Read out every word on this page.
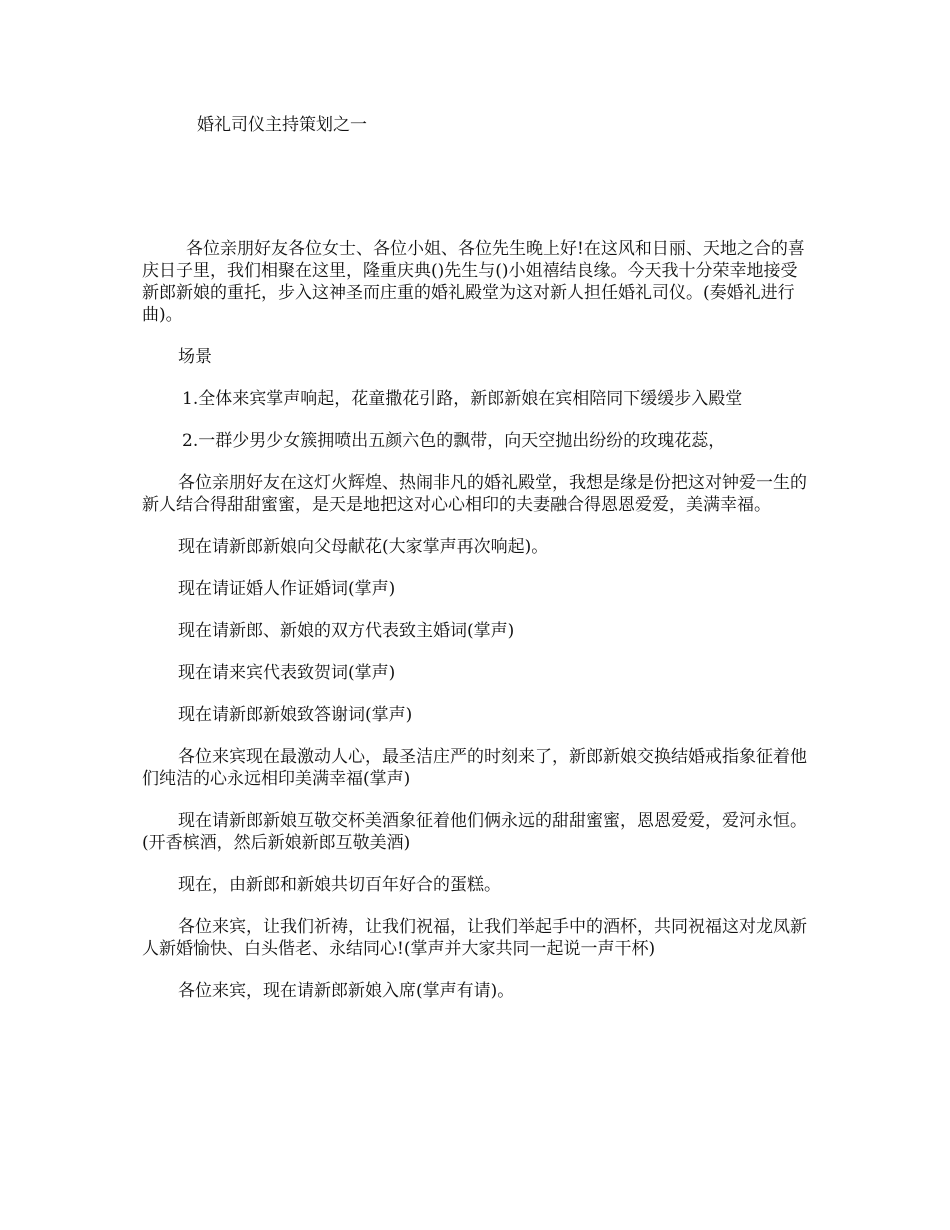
婚礼司仪主持策划之一

各位亲朋好友各位女士、各位小姐、各位先生晚上好!在这风和日丽、天地之合的喜庆日子里，我们相聚在这里，隆重庆典()先生与()小姐禧结良缘。今天我十分荣幸地接受新郎新娘的重托，步入这神圣而庄重的婚礼殿堂为这对新人担任婚礼司仪。(奏婚礼进行曲)。

场景

1.全体来宾掌声响起，花童撒花引路，新郎新娘在宾相陪同下缓缓步入殿堂

2.一群少男少女簇拥喷出五颜六色的飘带，向天空抛出纷纷的玫瑰花蕊，

各位亲朋好友在这灯火辉煌、热闹非凡的婚礼殿堂，我想是缘是份把这对钟爱一生的新人结合得甜甜蜜蜜，是天是地把这对心心相印的夫妻融合得恩恩爱爱，美满幸福。

现在请新郎新娘向父母献花(大家掌声再次响起)。

现在请证婚人作证婚词(掌声)

现在请新郎、新娘的双方代表致主婚词(掌声)

现在请来宾代表致贺词(掌声)

现在请新郎新娘致答谢词(掌声)

各位来宾现在最激动人心，最圣洁庄严的时刻来了，新郎新娘交换结婚戒指象征着他们纯洁的心永远相印美满幸福(掌声)

现在请新郎新娘互敬交杯美酒象征着他们俩永远的甜甜蜜蜜，恩恩爱爱，爱河永恒。(开香槟酒，然后新娘新郎互敬美酒)

现在，由新郎和新娘共切百年好合的蛋糕。

各位来宾，让我们祈祷，让我们祝福，让我们举起手中的酒杯，共同祝福这对龙凤新人新婚愉快、白头偕老、永结同心!(掌声并大家共同一起说一声干杯)

各位来宾，现在请新郎新娘入席(掌声有请)。
